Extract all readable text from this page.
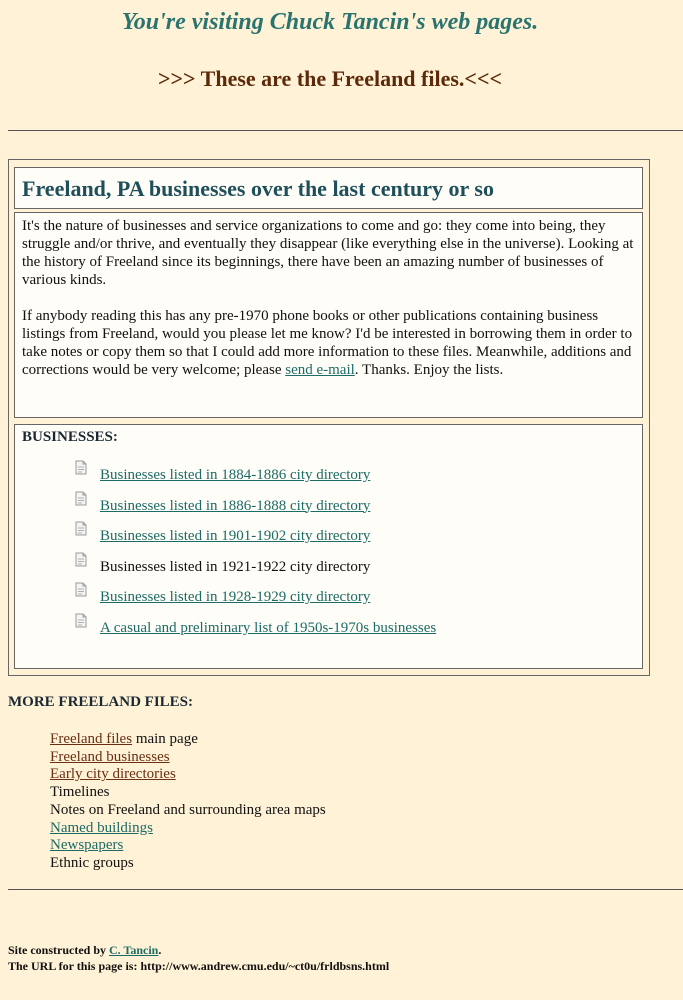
You're visiting Chuck Tancin's web pages.
>>> These are the Freeland files.<<<
Freeland, PA businesses over the last century or so

It's the nature of businesses and service organizations to come and go: they come into being, they struggle and/or thrive, and eventually they disappear (like everything else in the universe). Looking at the history of Freeland since its beginnings, there have been an amazing number of businesses of various kinds.

If anybody reading this has any pre-1970 phone books or other publications containing business listings from Freeland, would you please let me know? I'd be interested in borrowing them in order to take notes or copy them so that I could add more information to these files. Meanwhile, additions and corrections would be very welcome; please send e-mail. Thanks. Enjoy the lists.

BUSINESSES:

Businesses listed in 1884-1886 city directory
Businesses listed in 1886-1888 city directory
Businesses listed in 1901-1902 city directory
Businesses listed in 1921-1922 city directory
Businesses listed in 1928-1929 city directory
A casual and preliminary list of 1950s-1970s businesses

MORE FREELAND FILES:

Freeland files main page
Freeland businesses
Early city directories
Timelines
Notes on Freeland and surrounding area maps
Named buildings
Newspapers
Ethnic groups
Site constructed by C. Tancin.
The URL for this page is: http://www.andrew.cmu.edu/~ct0u/frldbsns.html
